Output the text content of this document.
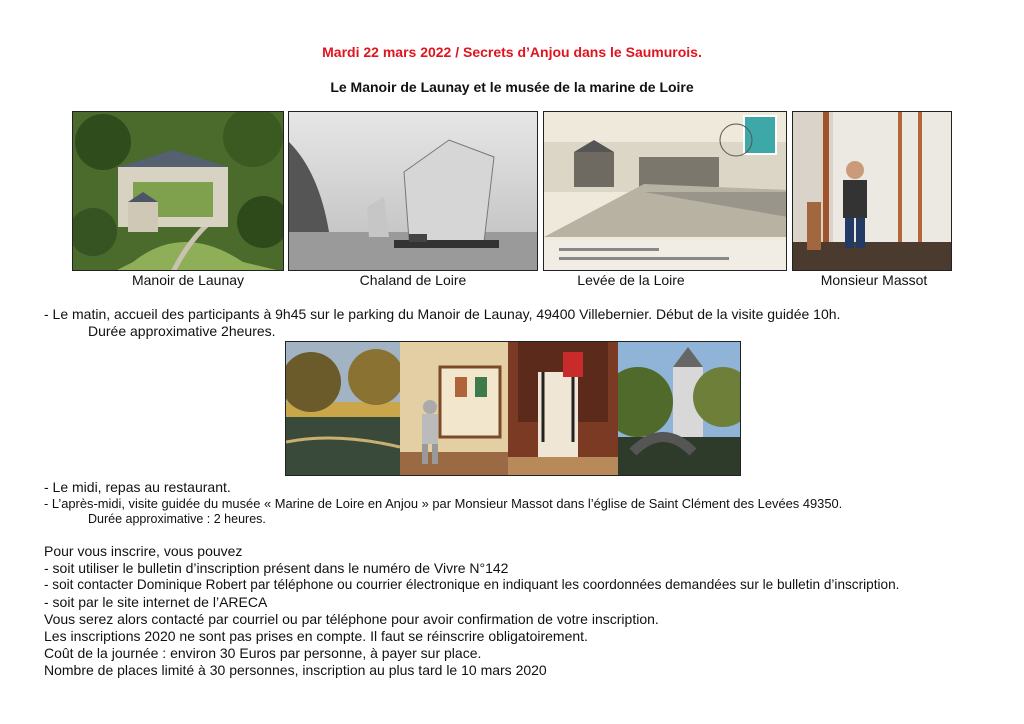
Mardi 22 mars 2022 / Secrets d’Anjou dans le Saumurois.
Le Manoir de Launay et le musée de la marine de Loire
Manoir de Launay	Chaland de Loire	Levée de la Loire	Monsieur Massot
- Le matin, accueil des participants à 9h45 sur le parking du Manoir de Launay, 49400 Villebernier. Début de la visite guidée 10h.
Durée approximative 2heures.
- Le midi, repas au restaurant.
- L’après-midi, visite guidée du musée « Marine de Loire en Anjou » par Monsieur Massot dans l’église de Saint Clément des Levées 49350.
Durée approximative : 2 heures.
Pour vous inscrire, vous pouvez
- soit utiliser le bulletin d’inscription présent dans le numéro de Vivre N°142
- soit contacter Dominique Robert par téléphone ou courrier électronique en indiquant les coordonnées demandées sur le bulletin d’inscription.
- soit par le site internet de l’ARECA
Vous serez alors contacté par courriel ou par téléphone pour avoir confirmation de votre inscription.
Les inscriptions 2020 ne sont pas prises en compte. Il faut se réinscrire obligatoirement.
Coût de la journée : environ 30 Euros par personne, à payer sur place.
Nombre de places limité à 30 personnes, inscription au plus tard le 10 mars 2020
